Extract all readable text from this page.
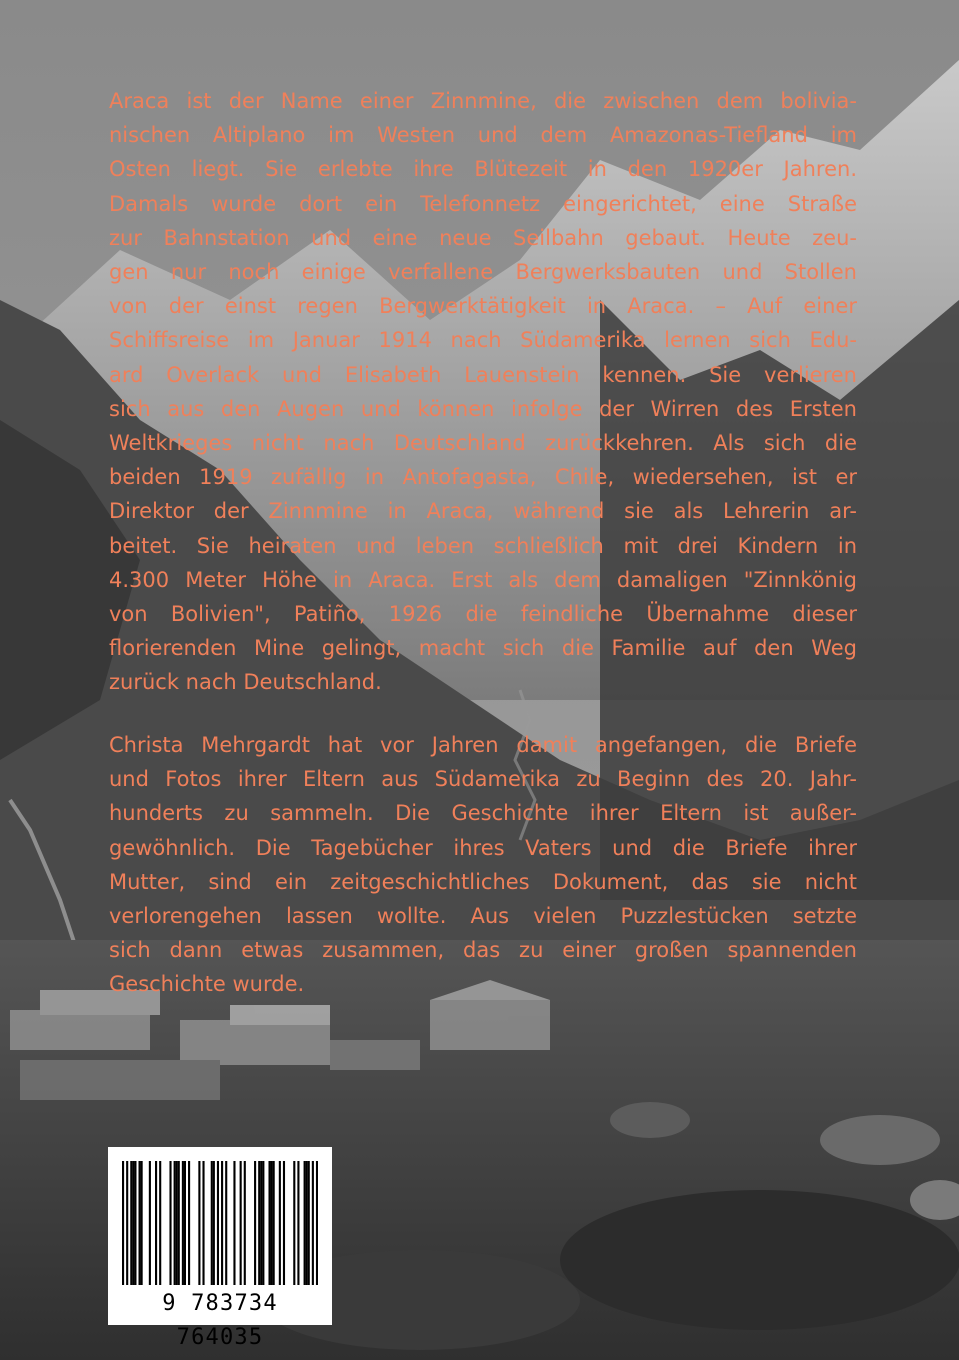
Araca ist der Name einer Zinnmine, die zwischen dem bolivia-
nischen Altiplano im Westen und dem Amazonas-Tiefland im
Osten liegt. Sie erlebte ihre Blütezeit in den 1920er Jahren.
Damals wurde dort ein Telefonnetz eingerichtet, eine Straße
zur Bahnstation und eine neue Seilbahn gebaut. Heute zeu-
gen nur noch einige verfallene Bergwerksbauten und Stollen
von der einst regen Bergwerktätigkeit in Araca. – Auf einer
Schiffsreise im Januar 1914 nach Südamerika lernen sich Edu-
ard Overlack und Elisabeth Lauenstein kennen. Sie verlieren
sich aus den Augen und können infolge der Wirren des Ersten
Weltkrieges nicht nach Deutschland zurückkehren. Als sich die
beiden 1919 zufällig in Antofagasta, Chile, wiedersehen, ist er
Direktor der Zinnmine in Araca, während sie als Lehrerin ar-
beitet. Sie heiraten und leben schließlich mit drei Kindern in
4.300 Meter Höhe in Araca. Erst als dem damaligen "Zinnkönig
von Bolivien", Patiño, 1926 die feindliche Übernahme dieser
florierenden Mine gelingt, macht sich die Familie auf den Weg
zurück nach Deutschland.

Christa Mehrgardt hat vor Jahren damit angefangen, die Briefe
und Fotos ihrer Eltern aus Südamerika zu Beginn des 20. Jahr-
hunderts zu sammeln. Die Geschichte ihrer Eltern ist außer-
gewöhnlich. Die Tagebücher ihres Vaters und die Briefe ihrer
Mutter, sind ein zeitgeschichtliches Dokument, das sie nicht
verlorengehen lassen wollte. Aus vielen Puzzlestücken setzte
sich dann etwas zusammen, das zu einer großen spannenden
Geschichte wurde.

9 783734 764035
